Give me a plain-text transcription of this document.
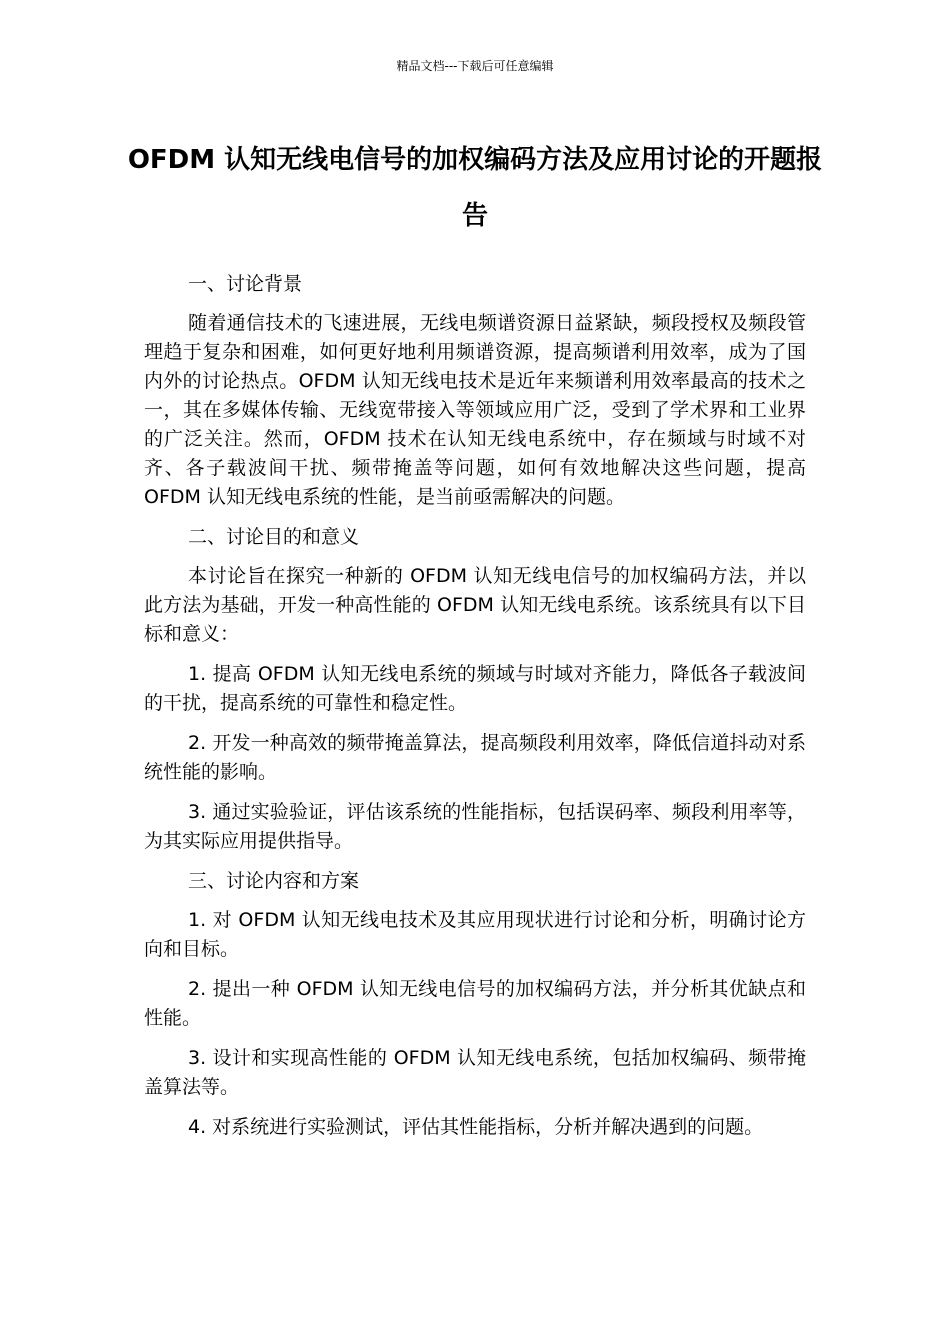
精品文档---下载后可任意编辑
OFDM 认知无线电信号的加权编码方法及应用讨论的开题报告

一、讨论背景

随着通信技术的飞速进展，无线电频谱资源日益紧缺，频段授权及频段管理趋于复杂和困难，如何更好地利用频谱资源，提高频谱利用效率，成为了国内外的讨论热点。OFDM 认知无线电技术是近年来频谱利用效率最高的技术之一，其在多媒体传输、无线宽带接入等领域应用广泛，受到了学术界和工业界的广泛关注。然而，OFDM 技术在认知无线电系统中，存在频域与时域不对齐、各子载波间干扰、频带掩盖等问题，如何有效地解决这些问题，提高 OFDM 认知无线电系统的性能，是当前亟需解决的问题。

二、讨论目的和意义

本讨论旨在探究一种新的 OFDM 认知无线电信号的加权编码方法，并以此方法为基础，开发一种高性能的 OFDM 认知无线电系统。该系统具有以下目标和意义：

1. 提高 OFDM 认知无线电系统的频域与时域对齐能力，降低各子载波间的干扰，提高系统的可靠性和稳定性。

2. 开发一种高效的频带掩盖算法，提高频段利用效率，降低信道抖动对系统性能的影响。

3. 通过实验验证，评估该系统的性能指标，包括误码率、频段利用率等，为其实际应用提供指导。

三、讨论内容和方案

1. 对 OFDM 认知无线电技术及其应用现状进行讨论和分析，明确讨论方向和目标。

2. 提出一种 OFDM 认知无线电信号的加权编码方法，并分析其优缺点和性能。

3. 设计和实现高性能的 OFDM 认知无线电系统，包括加权编码、频带掩盖算法等。

4. 对系统进行实验测试，评估其性能指标，分析并解决遇到的问题。
